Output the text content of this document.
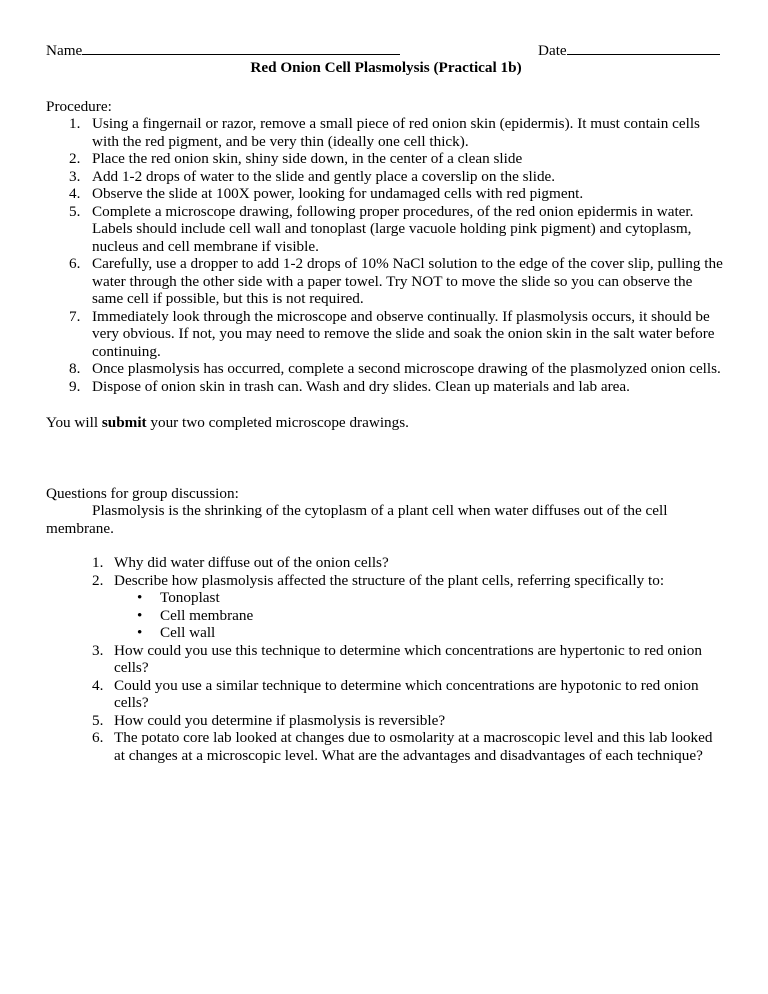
Name	Date
Red Onion Cell Plasmolysis (Practical 1b)
Procedure:
1. Using a fingernail or razor, remove a small piece of red onion skin (epidermis). It must contain cells with the red pigment, and be very thin (ideally one cell thick).
2. Place the red onion skin, shiny side down, in the center of a clean slide
3. Add 1-2 drops of water to the slide and gently place a coverslip on the slide.
4. Observe the slide at 100X power, looking for undamaged cells with red pigment.
5. Complete a microscope drawing, following proper procedures, of the red onion epidermis in water. Labels should include cell wall and tonoplast (large vacuole holding pink pigment) and cytoplasm, nucleus and cell membrane if visible.
6. Carefully, use a dropper to add 1-2 drops of 10% NaCl solution to the edge of the cover slip, pulling the water through the other side with a paper towel. Try NOT to move the slide so you can observe the same cell if possible, but this is not required.
7. Immediately look through the microscope and observe continually. If plasmolysis occurs, it should be very obvious. If not, you may need to remove the slide and soak the onion skin in the salt water before continuing.
8. Once plasmolysis has occurred, complete a second microscope drawing of the plasmolyzed onion cells.
9. Dispose of onion skin in trash can. Wash and dry slides. Clean up materials and lab area.
You will submit your two completed microscope drawings.
Questions for group discussion:
Plasmolysis is the shrinking of the cytoplasm of a plant cell when water diffuses out of the cell membrane.
1. Why did water diffuse out of the onion cells?
2. Describe how plasmolysis affected the structure of the plant cells, referring specifically to:
• Tonoplast
• Cell membrane
• Cell wall
3. How could you use this technique to determine which concentrations are hypertonic to red onion cells?
4. Could you use a similar technique to determine which concentrations are hypotonic to red onion cells?
5. How could you determine if plasmolysis is reversible?
6. The potato core lab looked at changes due to osmolarity at a macroscopic level and this lab looked at changes at a microscopic level. What are the advantages and disadvantages of each technique?
